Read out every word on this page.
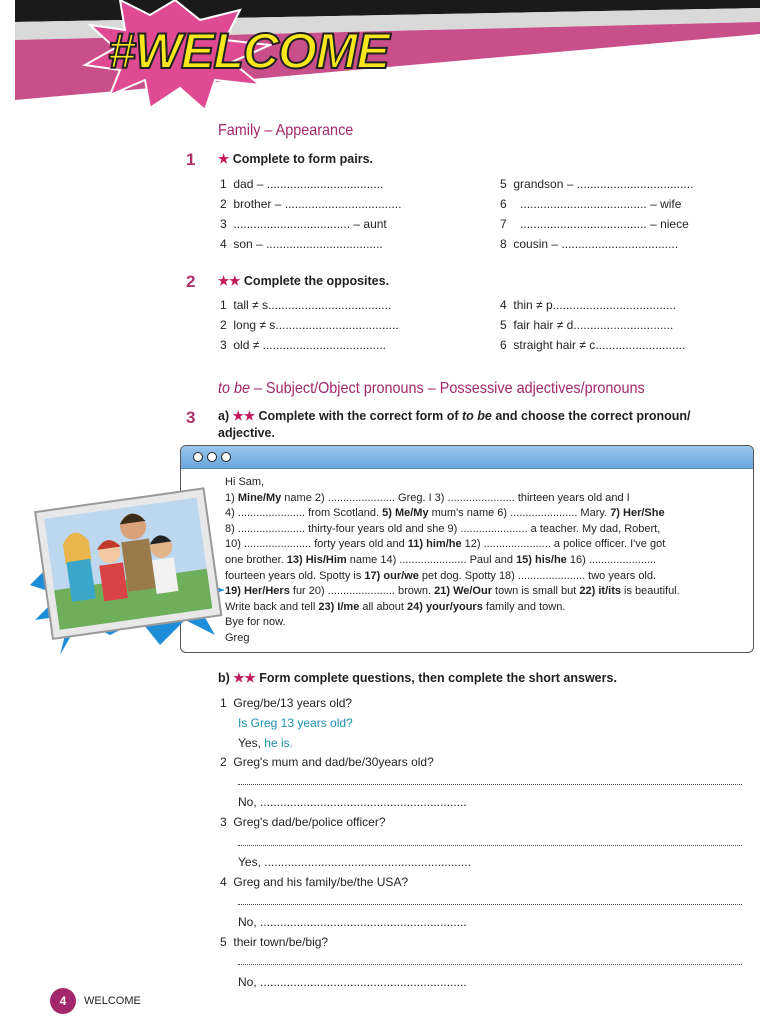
#WELCOME
Family – Appearance
1 ★ Complete to form pairs.
1 dad – ...................................
2 brother – ...................................
3 ................................... – aunt
4 son – ...................................
5 grandson – ...................................
6 ...................................... – wife
7 ...................................... – niece
8 cousin – ...................................
2 ★★ Complete the opposites.
1 tall ≠ s.....................................
2 long ≠ s.....................................
3 old ≠ .....................................
4 thin ≠ p.....................................
5 fair hair ≠ d..............................
6 straight hair ≠ c...........................
to be – Subject/Object pronouns – Possessive adjectives/pronouns
3 a) ★★ Complete with the correct form of to be and choose the correct pronoun/
adjective.
Hi Sam,
1) Mine/My name 2) ...................... Greg. I 3) ...................... thirteen years old and I
4) ...................... from Scotland. 5) Me/My mum's name 6) ...................... Mary. 7) Her/She
8) ...................... thirty-four years old and she 9) ...................... a teacher. My dad, Robert,
10) ...................... forty years old and 11) him/he 12) ...................... a police officer. I've got
one brother. 13) His/Him name 14) ...................... Paul and 15) his/he 16) ......................
fourteen years old. Spotty is 17) our/we pet dog. Spotty 18) ...................... two years old.
19) Her/Hers fur 20) ...................... brown. 21) We/Our town is small but 22) it/its is beautiful.
Write back and tell 23) I/me all about 24) your/yours family and town.
Bye for now.
Greg
b) ★★ Form complete questions, then complete the short answers.
1 Greg/be/13 years old?
Is Greg 13 years old?
Yes, he is.
2 Greg's mum and dad/be/30years old?
No, ..............................................................
3 Greg's dad/be/police officer?
Yes, ..............................................................
4 Greg and his family/be/the USA?
No, ..............................................................
5 their town/be/big?
No, ..............................................................
4	WELCOME
